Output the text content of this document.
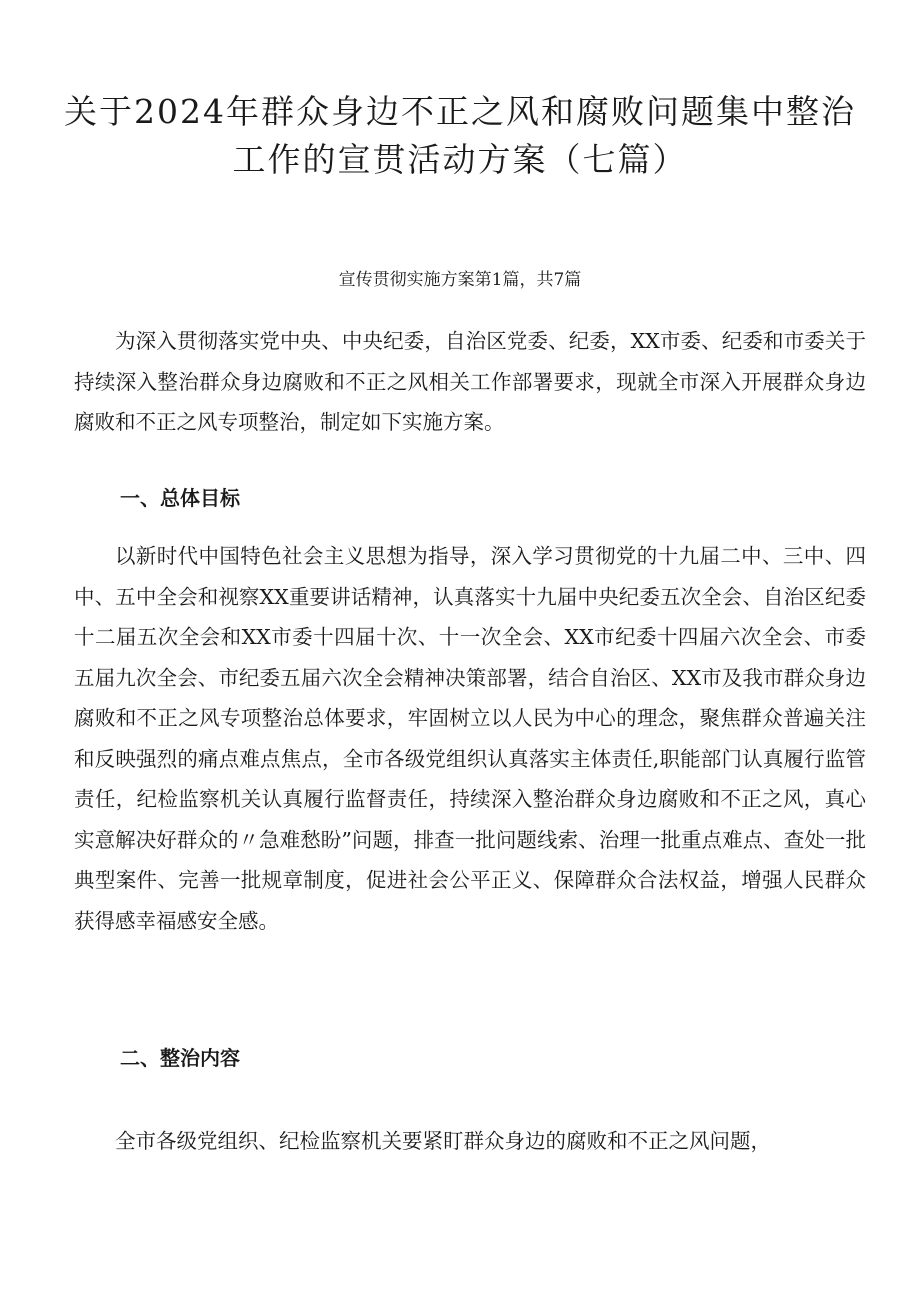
关于2024年群众身边不正之风和腐败问题集中整治工作的宣贯活动方案（七篇）

宣传贯彻实施方案第1篇，共7篇

为深入贯彻落实党中央、中央纪委，自治区党委、纪委，XX市委、纪委和市委关于持续深入整治群众身边腐败和不正之风相关工作部署要求，现就全市深入开展群众身边腐败和不正之风专项整治，制定如下实施方案。

一、总体目标

以新时代中国特色社会主义思想为指导，深入学习贯彻党的十九届二中、三中、四中、五中全会和视察XX重要讲话精神，认真落实十九届中央纪委五次全会、自治区纪委十二届五次全会和XX市委十四届十次、十一次全会、XX市纪委十四届六次全会、市委五届九次全会、市纪委五届六次全会精神决策部署，结合自治区、XX市及我市群众身边腐败和不正之风专项整治总体要求，牢固树立以人民为中心的理念，聚焦群众普遍关注和反映强烈的痛点难点焦点，全市各级党组织认真落实主体责任,职能部门认真履行监管责任，纪检监察机关认真履行监督责任，持续深入整治群众身边腐败和不正之风，真心实意解决好群众的〃急难愁盼”问题，排查一批问题线索、治理一批重点难点、查处一批典型案件、完善一批规章制度，促进社会公平正义、保障群众合法权益，增强人民群众获得感幸福感安全感。

二、整治内容

全市各级党组织、纪检监察机关要紧盯群众身边的腐败和不正之风问题，
